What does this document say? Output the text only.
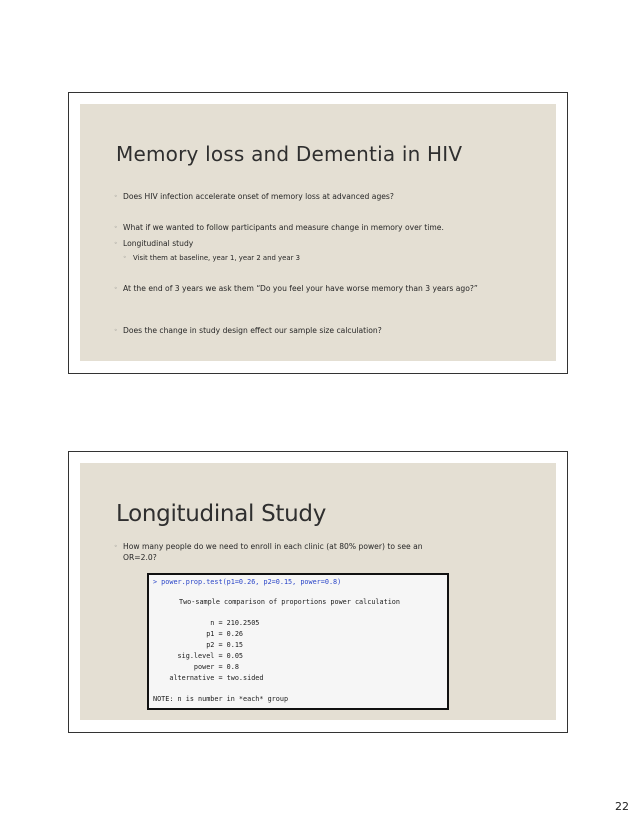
Memory loss and Dementia in HIV
◦ Does HIV infection accelerate onset of memory loss at advanced ages?
◦ What if we wanted to follow participants and measure change in memory over time.
◦ Longitudinal study
◦ Visit them at baseline, year 1, year 2 and year 3
◦ At the end of 3 years we ask them “Do you feel your have worse memory than 3 years ago?”
◦ Does the change in study design effect our sample size calculation?
Longitudinal Study
◦ How many people do we need to enroll in each clinic (at 80% power) to see an OR=2.0?
> power.prop.test(p1=0.26, p2=0.15, power=0.8)
Two-sample comparison of proportions power calculation
n = 210.2505
p1 = 0.26
p2 = 0.15
sig.level = 0.05
power = 0.8
alternative = two.sided
NOTE: n is number in *each* group
22
